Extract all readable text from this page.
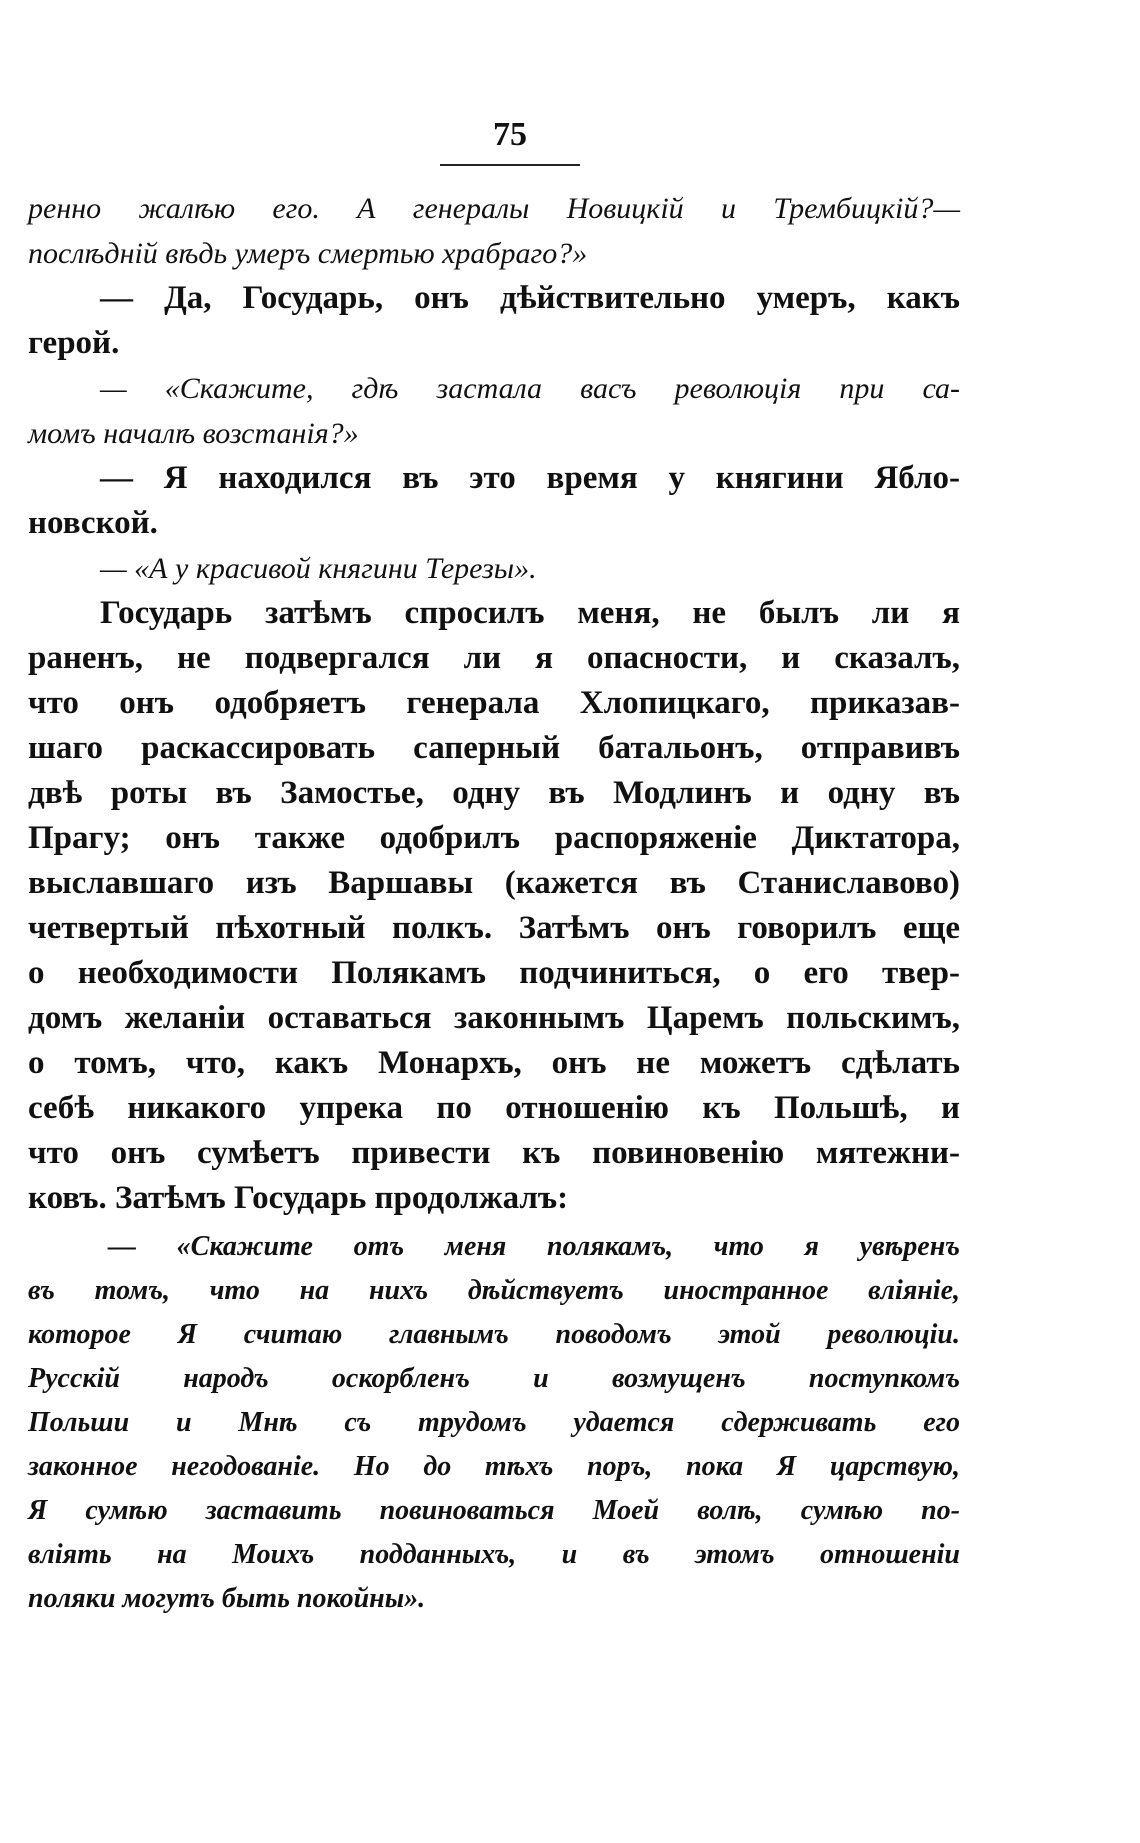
75
ренно жалѣю его. А генералы Новицкій и Трембицкій?—
послѣдній вѣдь умеръ смертью храбраго?»
— Да, Государь, онъ дѣйствительно умеръ, какъ
герой.
— «Скажите, гдѣ застала васъ революція при са-
момъ началѣ возстанія?»
— Я находился въ это время у княгини Ябло-
новской.
— «А у красивой княгини Терезы».
Государь затѣмъ спросилъ меня, не былъ ли я
раненъ, не подвергался ли я опасности, и сказалъ,
что онъ одобряетъ генерала Хлопицкаго, приказав-
шаго раскассировать саперный батальонъ, отправивъ
двѣ роты въ Замостье, одну въ Модлинъ и одну въ
Прагу; онъ также одобрилъ распоряженіе Диктатора,
выславшаго изъ Варшавы (кажется въ Станиславово)
четвертый пѣхотный полкъ. Затѣмъ онъ говорилъ еще
о необходимости Полякамъ подчиниться, о его твер-
домъ желаніи оставаться законнымъ Царемъ польскимъ,
о томъ, что, какъ Монархъ, онъ не можетъ сдѣлать
себѣ никакого упрека по отношенію къ Польшѣ, и
что онъ сумѣетъ привести къ повиновенію мятежни-
ковъ. Затѣмъ Государь продолжалъ:
— «Скажите отъ меня полякамъ, что я увѣренъ
въ томъ, что на нихъ дѣйствуетъ иностранное вліяніе,
которое Я считаю главнымъ поводомъ этой революціи.
Русскій народъ оскорбленъ и возмущенъ поступкомъ
Польши и Мнѣ съ трудомъ удается сдерживать его
законное негодованіе. Но до тѣхъ поръ, пока Я царствую,
Я сумѣю заставить повиноваться Моей волѣ, сумѣю по-
вліять на Моихъ подданныхъ, и въ этомъ отношеніи
поляки могутъ быть покойны».
